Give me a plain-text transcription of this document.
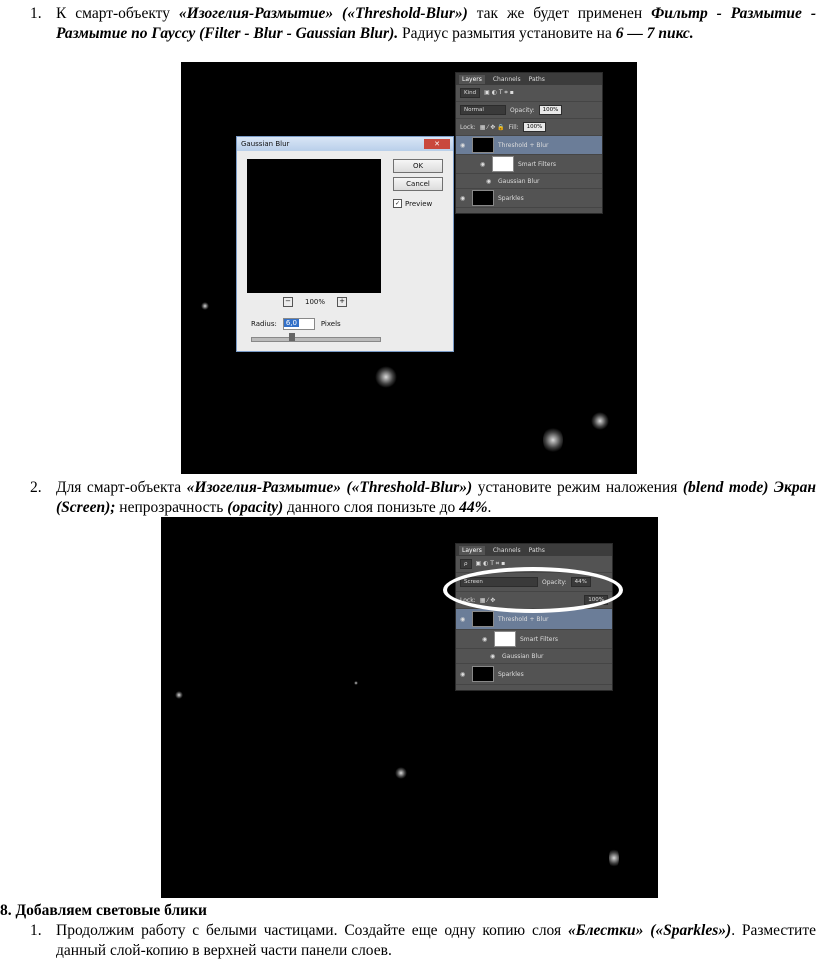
1. К смарт-объекту «Изогелия-Размытие» («Threshold-Blur») так же будет применен Фильтр - Размытие - Размытие по Гауссу (Filter - Blur - Gaussian Blur). Радиус размытия установите на 6 — 7 пикс.
Layers	Channels Paths
Kind	▣ ◐ T ⌗ ▪
Normal	Opacity:	100%
Lock: ▦ ⁄ ✥ 🔒 Fill:	100%
◉	Threshold + Blur
◉	Smart Filters
◉	Gaussian Blur
◉	Sparkles
Gaussian Blur	✕
OK
Cancel
✓ Preview
− 100% +
Radius:	6,0	Pixels
2. Для смарт-объекта «Изогелия-Размытие» («Threshold-Blur») установите режим наложения (blend mode) Экран (Screen); непрозрачность (opacity) данного слоя понизьте до 44%.
Layers	Channels Paths
ρ	▣ ◐ T ⌗ ▪
Screen	Opacity:	44%
Lock: ▦ ⁄ ✥	100%
◉	Threshold + Blur
◉	Smart Filters
◉	Gaussian Blur
◉	Sparkles
8. Добавляем световые блики
1. Продолжим работу с белыми частицами. Создайте еще одну копию слоя «Блестки» («Sparkles»). Разместите данный слой-копию в верхней части панели слоев.
